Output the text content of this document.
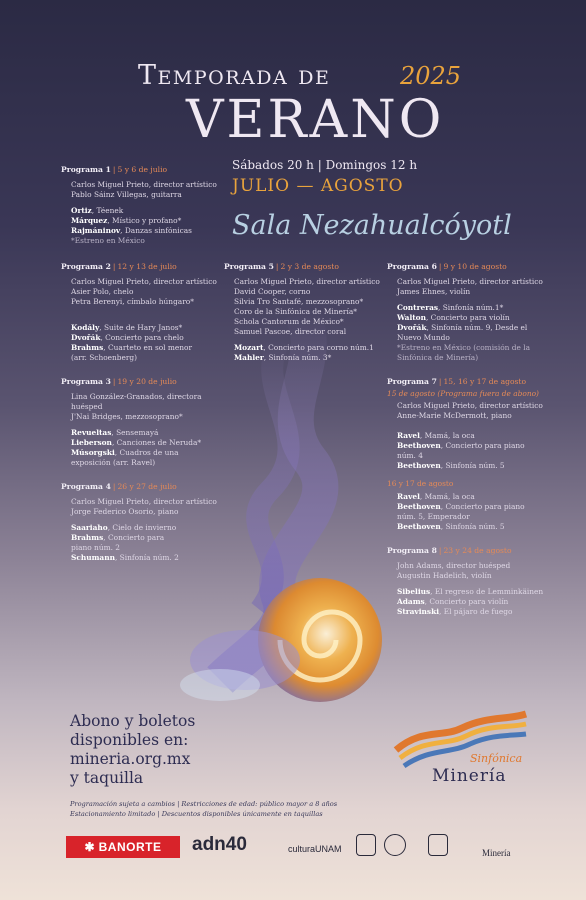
Temporada de	2025
VERANO
Sábados 20 h | Domingos 12 h
JULIO — AGOSTO
Sala Nezahualcóyotl
Programa 1 | 5 y 6 de julio
Carlos Miguel Prieto, director artístico
Pablo Sáinz Villegas, guitarra
Ortiz, Téenek
Márquez, Místico y profano*
Rajmáninov, Danzas sinfónicas
*Estreno en México
Programa 2 | 12 y 13 de julio
Carlos Miguel Prieto, director artístico
Asier Polo, chelo
Petra Berenyi, címbalo húngaro*
Kodály, Suite de Hary Janos*
Dvořák, Concierto para chelo
Brahms, Cuarteto en sol menor
(arr. Schoenberg)
Programa 3 | 19 y 20 de julio
Lina González-Granados, directora
huésped
J'Nai Bridges, mezzosoprano*
Revueltas, Sensemayá
Lieberson, Canciones de Neruda*
Músorgski, Cuadros de una
exposición (arr. Ravel)
Programa 4 | 26 y 27 de julio
Carlos Miguel Prieto, director artístico
Jorge Federico Osorio, piano
Saariaho, Cielo de invierno
Brahms, Concierto para
piano núm. 2
Schumann, Sinfonía núm. 2
Programa 5 | 2 y 3 de agosto
Carlos Miguel Prieto, director artístico
David Cooper, corno
Silvia Tro Santafé, mezzosoprano*
Coro de la Sinfónica de Minería*
Schola Cantorum de México*
Samuel Pascoe, director coral
Mozart, Concierto para corno núm.1
Mahler, Sinfonía núm. 3*
Programa 6 | 9 y 10 de agosto
Carlos Miguel Prieto, director artístico
James Ehnes, violín
Contreras, Sinfonía núm.1*
Walton, Concierto para violín
Dvořák, Sinfonía núm. 9, Desde el
Nuevo Mundo
*Estreno en México (comisión de la
Sinfónica de Minería)
Programa 7 | 15, 16 y 17 de agosto
15 de agosto (Programa fuera de abono)
Carlos Miguel Prieto, director artístico
Anne-Marie McDermott, piano
Ravel, Mamá, la oca
Beethoven, Concierto para piano
núm. 4
Beethoven, Sinfonía núm. 5
16 y 17 de agosto
Ravel, Mamá, la oca
Beethoven, Concierto para piano
núm. 5, Emperador
Beethoven, Sinfonía núm. 5
Programa 8 | 23 y 24 de agosto
John Adams, director huésped
Augustin Hadelich, violín
Sibelius, El regreso de Lemminkäinen
Adams, Concierto para violín
Stravinski, El pájaro de fuego
Abono y boletos
disponibles en:
mineria.org.mx
y taquilla
Programación sujeta a cambios | Restricciones de edad: público mayor a 8 años
Estacionamiento limitado | Descuentos disponibles únicamente en taquillas
Sinfónica
Minería
✱ BANORTE adn40	culturaUNAM	Minería
